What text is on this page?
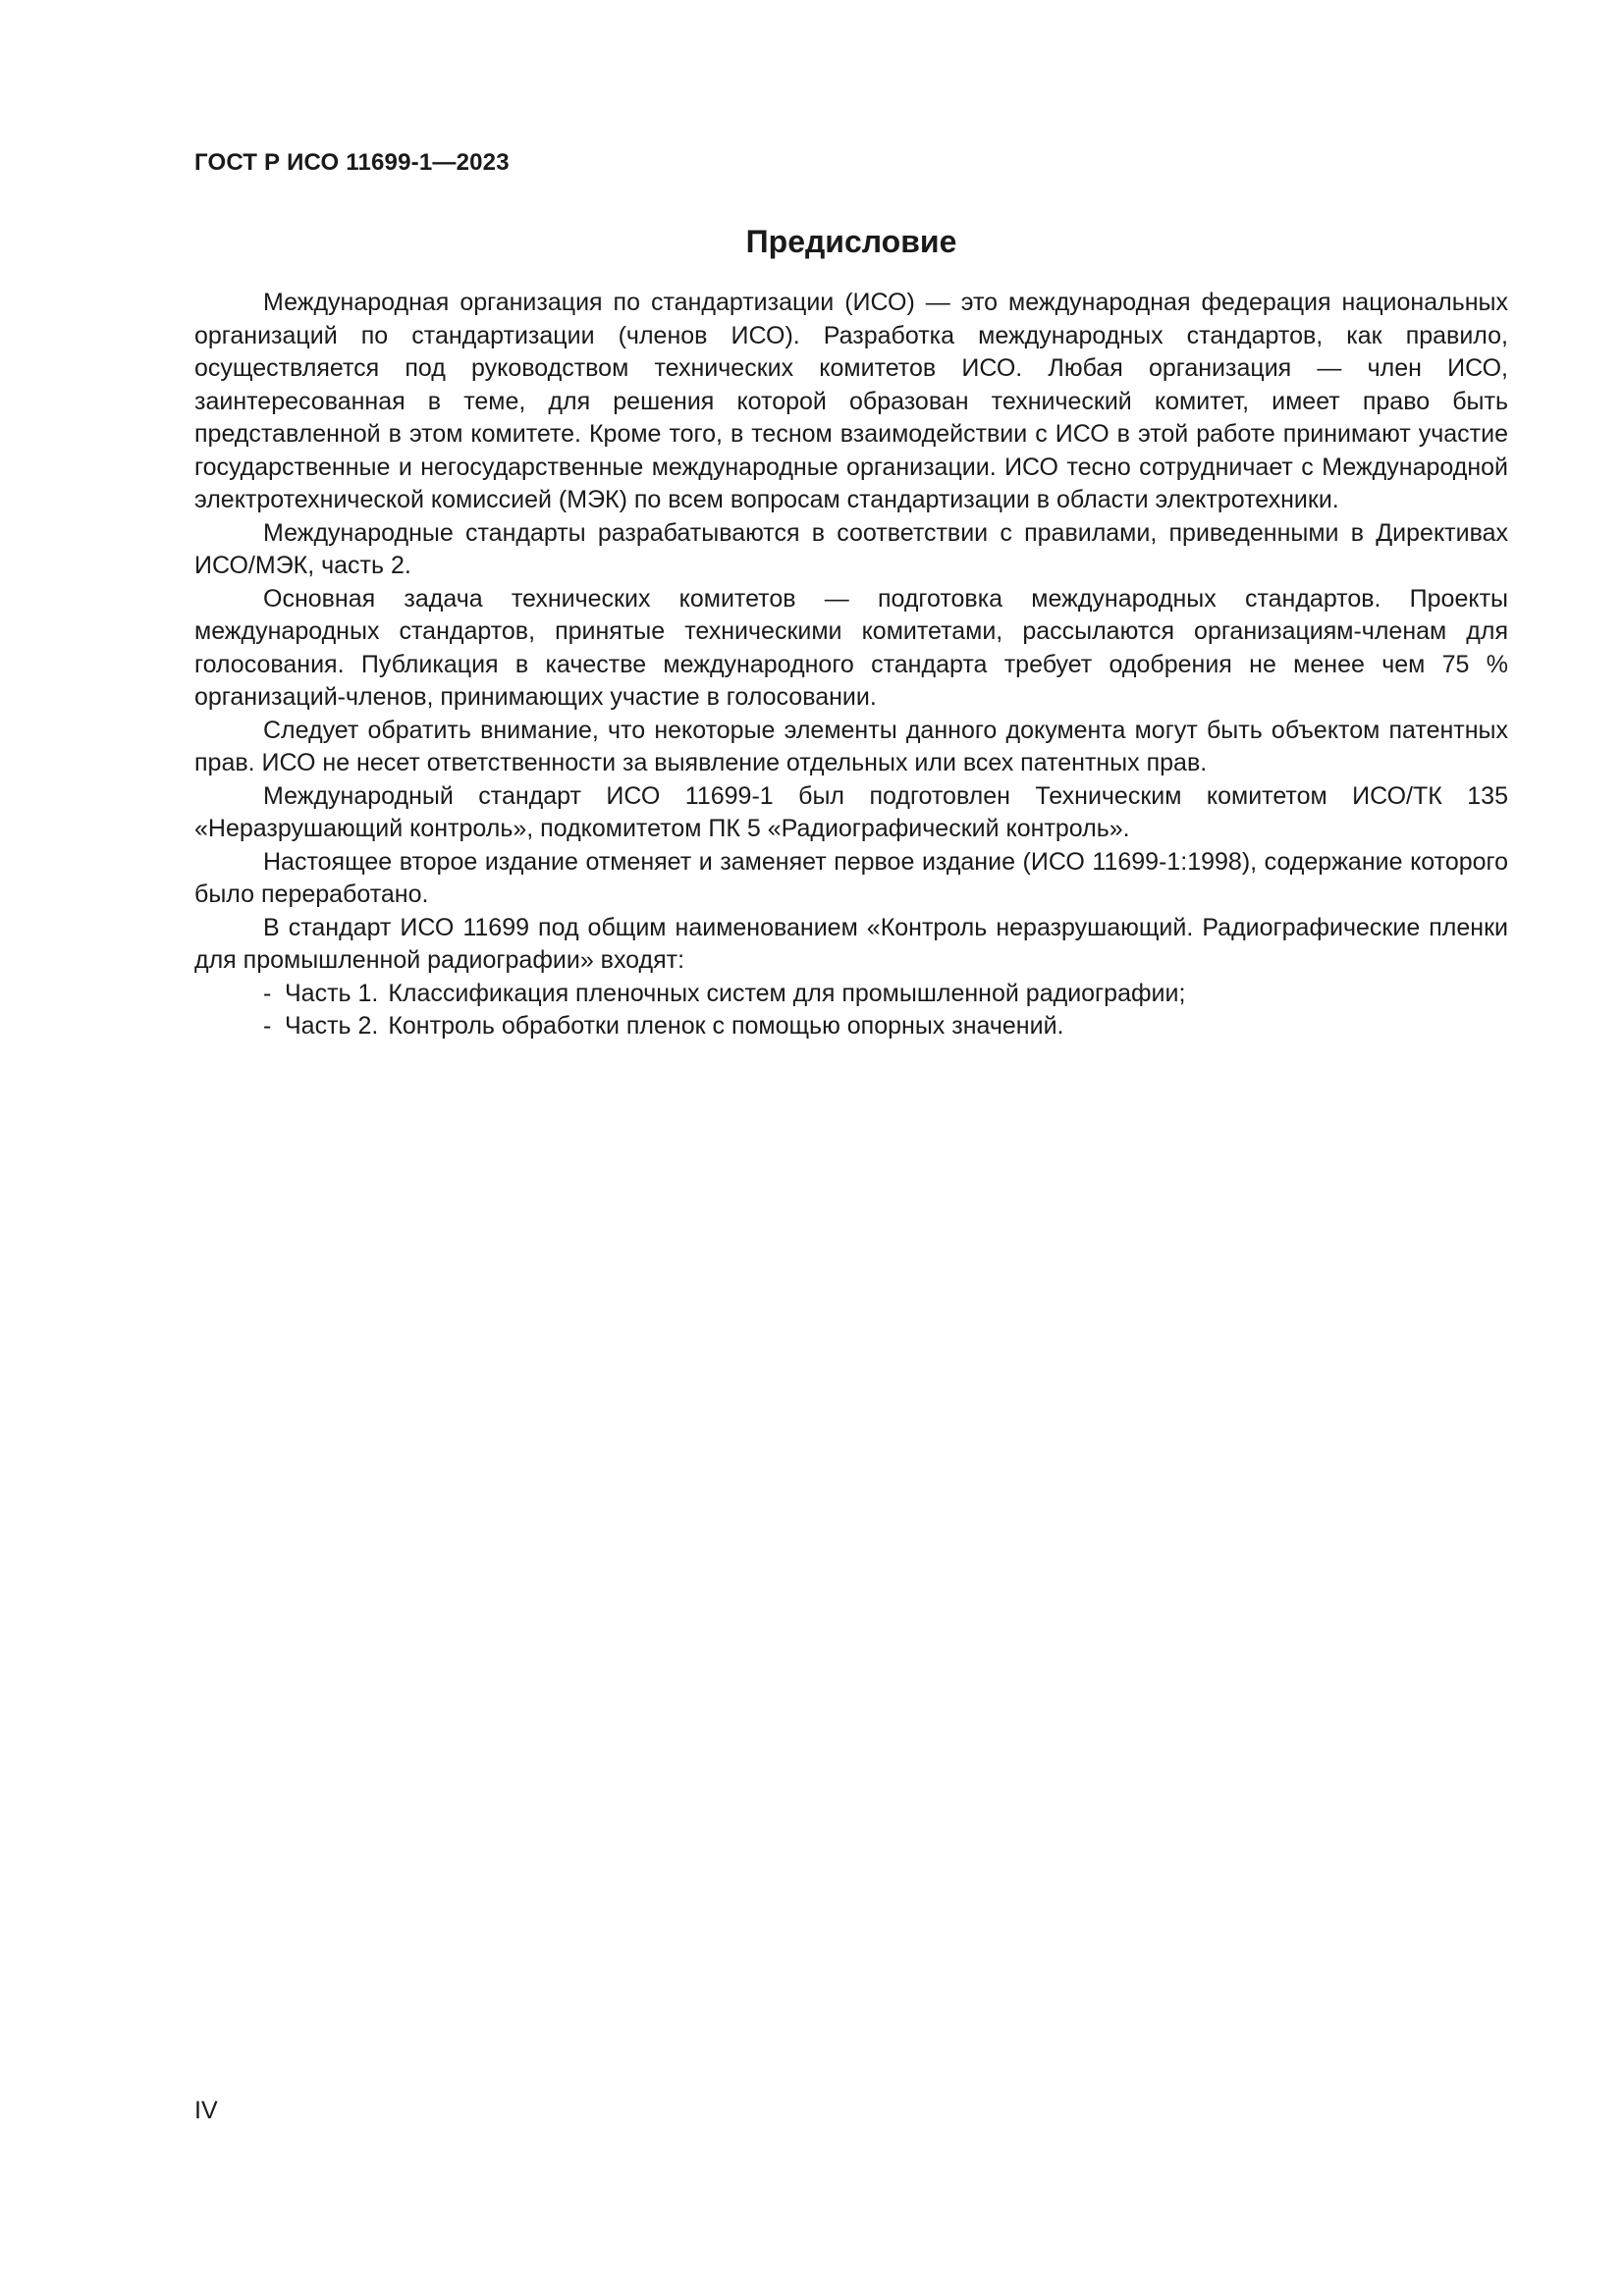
ГОСТ Р ИСО 11699-1—2023
Предисловие

Международная организация по стандартизации (ИСО) — это международная федерация национальных организаций по стандартизации (членов ИСО). Разработка международных стандартов, как правило, осуществляется под руководством технических комитетов ИСО. Любая организация — член ИСО, заинтересованная в теме, для решения которой образован технический комитет, имеет право быть представленной в этом комитете. Кроме того, в тесном взаимодействии с ИСО в этой работе принимают участие государственные и негосударственные международные организации. ИСО тесно сотрудничает с Международной электротехнической комиссией (МЭК) по всем вопросам стандартизации в области электротехники.

Международные стандарты разрабатываются в соответствии с правилами, приведенными в Директивах ИСО/МЭК, часть 2.

Основная задача технических комитетов — подготовка международных стандартов. Проекты международных стандартов, принятые техническими комитетами, рассылаются организациям-членам для голосования. Публикация в качестве международного стандарта требует одобрения не менее чем 75 % организаций-членов, принимающих участие в голосовании.

Следует обратить внимание, что некоторые элементы данного документа могут быть объектом патентных прав. ИСО не несет ответственности за выявление отдельных или всех патентных прав.

Международный стандарт ИСО 11699-1 был подготовлен Техническим комитетом ИСО/ТК 135 «Неразрушающий контроль», подкомитетом ПК 5 «Радиографический контроль».

Настоящее второе издание отменяет и заменяет первое издание (ИСО 11699-1:1998), содержание которого было переработано.

В стандарт ИСО 11699 под общим наименованием «Контроль неразрушающий. Радиографические пленки для промышленной радиографии» входят:

- Часть 1. Классификация пленочных систем для промышленной радиографии;
- Часть 2. Контроль обработки пленок с помощью опорных значений.
IV
